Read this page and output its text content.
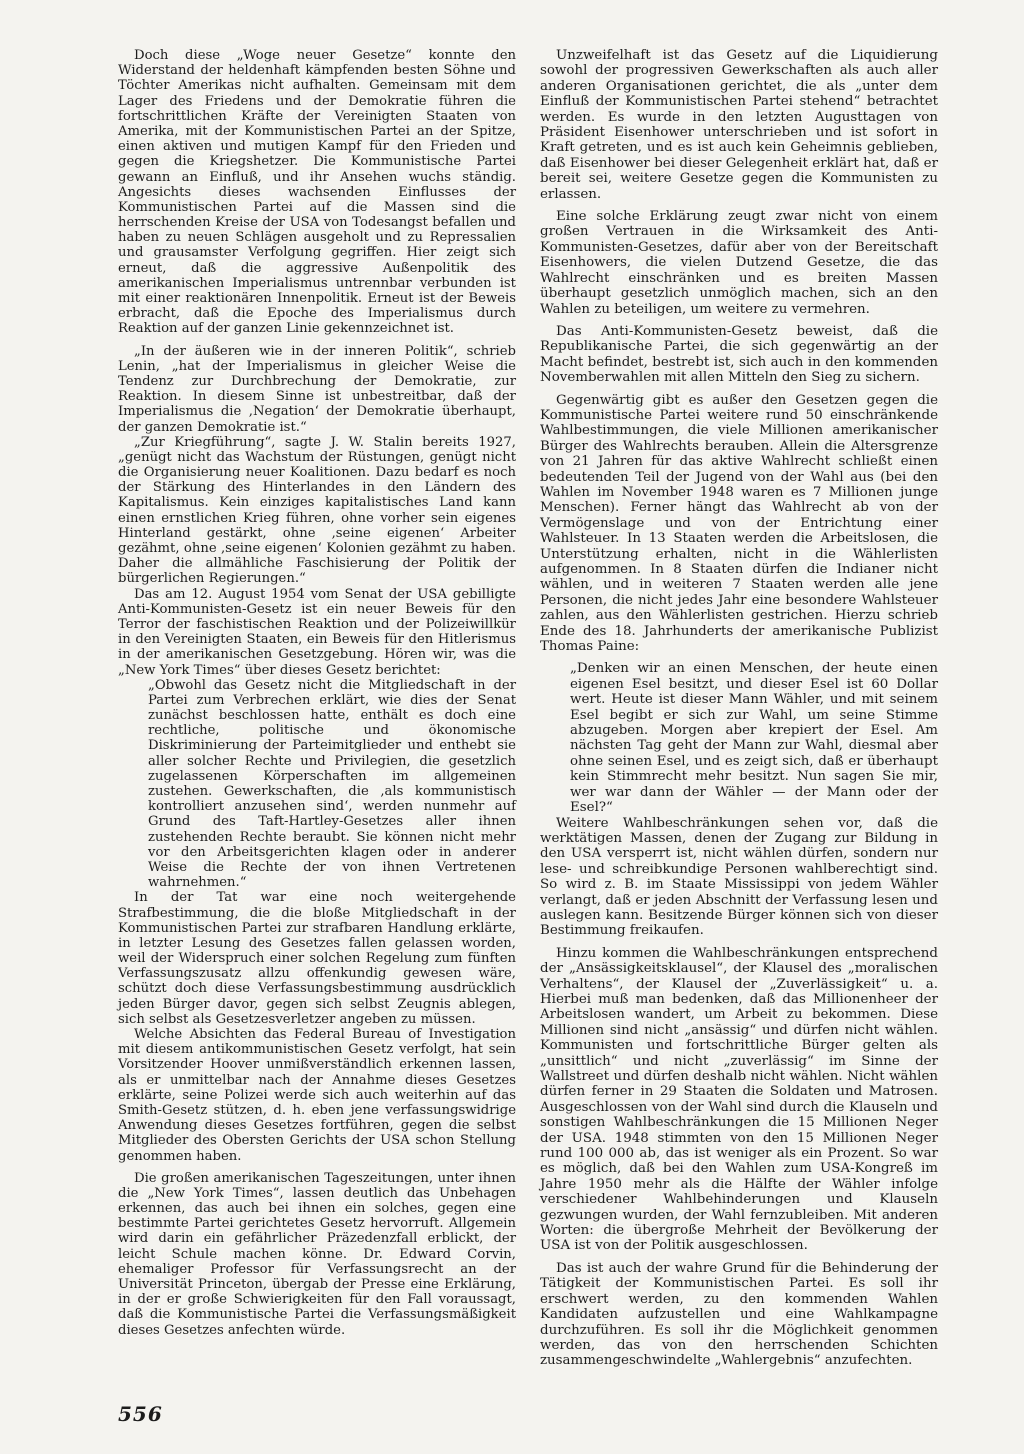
Doch diese „Woge neuer Gesetze“ konnte den Widerstand der heldenhaft kämpfenden besten Söhne und Töchter Amerikas nicht aufhalten. Gemeinsam mit dem Lager des Friedens und der Demokratie führen die fortschrittlichen Kräfte der Vereinigten Staaten von Amerika, mit der Kommunistischen Partei an der Spitze, einen aktiven und mutigen Kampf für den Frieden und gegen die Kriegshetzer. Die Kommunistische Partei gewann an Einfluß, und ihr Ansehen wuchs ständig. Angesichts dieses wachsenden Einflusses der Kommunistischen Partei auf die Massen sind die herrschenden Kreise der USA von Todesangst befallen und haben zu neuen Schlägen ausgeholt und zu Repressalien und grausamster Verfolgung gegriffen. Hier zeigt sich erneut, daß die aggressive Außenpolitik des amerikanischen Imperialismus untrennbar verbunden ist mit einer reaktionären Innenpolitik. Erneut ist der Beweis erbracht, daß die Epoche des Imperialismus durch Reaktion auf der ganzen Linie gekennzeichnet ist.

„In der äußeren wie in der inneren Politik“, schrieb Lenin, „hat der Imperialismus in gleicher Weise die Tendenz zur Durchbrechung der Demokratie, zur Reaktion. In diesem Sinne ist unbestreitbar, daß der Imperialismus die ,Negation‘ der Demokratie überhaupt, der ganzen Demokratie ist.“

„Zur Kriegführung“, sagte J. W. Stalin bereits 1927, „genügt nicht das Wachstum der Rüstungen, genügt nicht die Organisierung neuer Koalitionen. Dazu bedarf es noch der Stärkung des Hinterlandes in den Ländern des Kapitalismus. Kein einziges kapitalistisches Land kann einen ernstlichen Krieg führen, ohne vorher sein eigenes Hinterland gestärkt, ohne ,seine eigenen‘ Arbeiter gezähmt, ohne ,seine eigenen‘ Kolonien gezähmt zu haben. Daher die allmähliche Faschisierung der Politik der bürgerlichen Regierungen.“

Das am 12. August 1954 vom Senat der USA gebilligte Anti-Kommunisten-Gesetz ist ein neuer Beweis für den Terror der faschistischen Reaktion und der Polizeiwillkür in den Vereinigten Staaten, ein Beweis für den Hitlerismus in der amerikanischen Gesetzgebung. Hören wir, was die „New York Times“ über dieses Gesetz berichtet:

„Obwohl das Gesetz nicht die Mitgliedschaft in der Partei zum Verbrechen erklärt, wie dies der Senat zunächst beschlossen hatte, enthält es doch eine rechtliche, politische und ökonomische Diskriminierung der Parteimitglieder und enthebt sie aller solcher Rechte und Privilegien, die gesetzlich zugelassenen Körperschaften im allgemeinen zustehen. Gewerkschaften, die ,als kommunistisch kontrolliert anzusehen sind‘, werden nunmehr auf Grund des Taft-Hartley-Gesetzes aller ihnen zustehenden Rechte beraubt. Sie können nicht mehr vor den Arbeitsgerichten klagen oder in anderer Weise die Rechte der von ihnen Vertretenen wahrnehmen.“

In der Tat war eine noch weitergehende Strafbestimmung, die die bloße Mitgliedschaft in der Kommunistischen Partei zur strafbaren Handlung erklärte, in letzter Lesung des Gesetzes fallen gelassen worden, weil der Widerspruch einer solchen Regelung zum fünften Verfassungszusatz allzu offenkundig gewesen wäre, schützt doch diese Verfassungsbestimmung ausdrücklich jeden Bürger davor, gegen sich selbst Zeugnis ablegen, sich selbst als Gesetzesverletzer angeben zu müssen.

Welche Absichten das Federal Bureau of Investigation mit diesem antikommunistischen Gesetz verfolgt, hat sein Vorsitzender Hoover unmißverständlich erkennen lassen, als er unmittelbar nach der Annahme dieses Gesetzes erklärte, seine Polizei werde sich auch weiterhin auf das Smith-Gesetz stützen, d. h. eben jene verfassungswidrige Anwendung dieses Gesetzes fortführen, gegen die selbst Mitglieder des Obersten Gerichts der USA schon Stellung genommen haben.

Die großen amerikanischen Tageszeitungen, unter ihnen die „New York Times“, lassen deutlich das Unbehagen erkennen, das auch bei ihnen ein solches, gegen eine bestimmte Partei gerichtetes Gesetz hervorruft. Allgemein wird darin ein gefährlicher Präzedenzfall erblickt, der leicht Schule machen könne. Dr. Edward Corvin, ehemaliger Professor für Verfassungsrecht an der Universität Princeton, übergab der Presse eine Erklärung, in der er große Schwierigkeiten für den Fall voraussagt, daß die Kommunistische Partei die Verfassungsmäßigkeit dieses Gesetzes anfechten würde.

Unzweifelhaft ist das Gesetz auf die Liquidierung sowohl der progressiven Gewerkschaften als auch aller anderen Organisationen gerichtet, die als „unter dem Einfluß der Kommunistischen Partei stehend“ betrachtet werden. Es wurde in den letzten Augusttagen von Präsident Eisenhower unterschrieben und ist sofort in Kraft getreten, und es ist auch kein Geheimnis geblieben, daß Eisenhower bei dieser Gelegenheit erklärt hat, daß er bereit sei, weitere Gesetze gegen die Kommunisten zu erlassen.

Eine solche Erklärung zeugt zwar nicht von einem großen Vertrauen in die Wirksamkeit des Anti-Kommunisten-Gesetzes, dafür aber von der Bereitschaft Eisenhowers, die vielen Dutzend Gesetze, die das Wahlrecht einschränken und es breiten Massen überhaupt gesetzlich unmöglich machen, sich an den Wahlen zu beteiligen, um weitere zu vermehren.

Das Anti-Kommunisten-Gesetz beweist, daß die Republikanische Partei, die sich gegenwärtig an der Macht befindet, bestrebt ist, sich auch in den kommenden Novemberwahlen mit allen Mitteln den Sieg zu sichern.

Gegenwärtig gibt es außer den Gesetzen gegen die Kommunistische Partei weitere rund 50 einschränkende Wahlbestimmungen, die viele Millionen amerikanischer Bürger des Wahlrechts berauben. Allein die Altersgrenze von 21 Jahren für das aktive Wahlrecht schließt einen bedeutenden Teil der Jugend von der Wahl aus (bei den Wahlen im November 1948 waren es 7 Millionen junge Menschen). Ferner hängt das Wahlrecht ab von der Vermögenslage und von der Entrichtung einer Wahlsteuer. In 13 Staaten werden die Arbeitslosen, die Unterstützung erhalten, nicht in die Wählerlisten aufgenommen. In 8 Staaten dürfen die Indianer nicht wählen, und in weiteren 7 Staaten werden alle jene Personen, die nicht jedes Jahr eine besondere Wahlsteuer zahlen, aus den Wählerlisten gestrichen. Hierzu schrieb Ende des 18. Jahrhunderts der amerikanische Publizist Thomas Paine:

„Denken wir an einen Menschen, der heute einen eigenen Esel besitzt, und dieser Esel ist 60 Dollar wert. Heute ist dieser Mann Wähler, und mit seinem Esel begibt er sich zur Wahl, um seine Stimme abzugeben. Morgen aber krepiert der Esel. Am nächsten Tag geht der Mann zur Wahl, diesmal aber ohne seinen Esel, und es zeigt sich, daß er überhaupt kein Stimmrecht mehr besitzt. Nun sagen Sie mir, wer war dann der Wähler — der Mann oder der Esel?“

Weitere Wahlbeschränkungen sehen vor, daß die werktätigen Massen, denen der Zugang zur Bildung in den USA versperrt ist, nicht wählen dürfen, sondern nur lese- und schreibkundige Personen wahlberechtigt sind. So wird z. B. im Staate Mississippi von jedem Wähler verlangt, daß er jeden Abschnitt der Verfassung lesen und auslegen kann. Besitzende Bürger können sich von dieser Bestimmung freikaufen.

Hinzu kommen die Wahlbeschränkungen entsprechend der „Ansässigkeitsklausel“, der Klausel des „moralischen Verhaltens“, der Klausel der „Zuverlässigkeit“ u. a. Hierbei muß man bedenken, daß das Millionenheer der Arbeitslosen wandert, um Arbeit zu bekommen. Diese Millionen sind nicht „ansässig“ und dürfen nicht wählen. Kommunisten und fortschrittliche Bürger gelten als „unsittlich“ und nicht „zuverlässig“ im Sinne der Wallstreet und dürfen deshalb nicht wählen. Nicht wählen dürfen ferner in 29 Staaten die Soldaten und Matrosen. Ausgeschlossen von der Wahl sind durch die Klauseln und sonstigen Wahlbeschränkungen die 15 Millionen Neger der USA. 1948 stimmten von den 15 Millionen Neger rund 100 000 ab, das ist weniger als ein Prozent. So war es möglich, daß bei den Wahlen zum USA-Kongreß im Jahre 1950 mehr als die Hälfte der Wähler infolge verschiedener Wahlbehinderungen und Klauseln gezwungen wurden, der Wahl fernzubleiben. Mit anderen Worten: die übergroße Mehrheit der Bevölkerung der USA ist von der Politik ausgeschlossen.

Das ist auch der wahre Grund für die Behinderung der Tätigkeit der Kommunistischen Partei. Es soll ihr erschwert werden, zu den kommenden Wahlen Kandidaten aufzustellen und eine Wahlkampagne durchzuführen. Es soll ihr die Möglichkeit genommen werden, das von den herrschenden Schichten zusammengeschwindelte „Wahlergebnis“ anzufechten.

556
